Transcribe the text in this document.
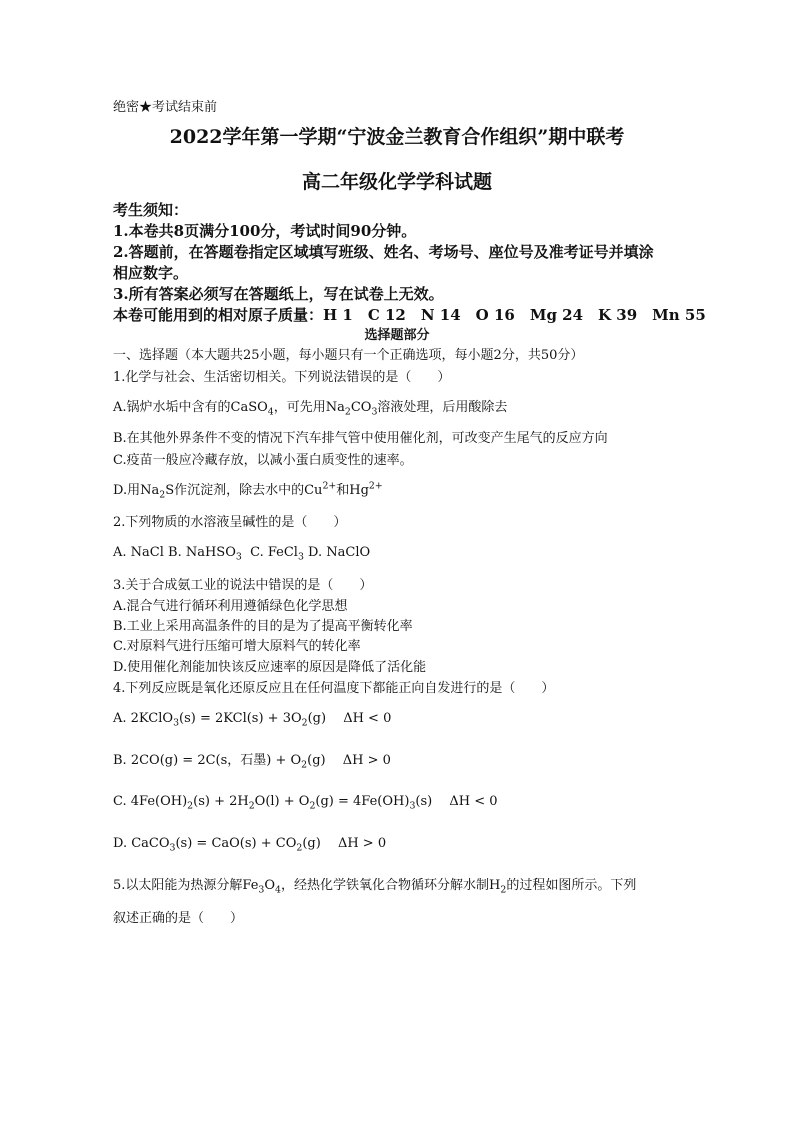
绝密★考试结束前
2022学年第一学期“宁波金兰教育合作组织”期中联考
高二年级化学学科试题
考生须知：
1.本卷共8页满分100分，考试时间90分钟。
2.答题前，在答题卷指定区域填写班级、姓名、考场号、座位号及准考证号并填涂
相应数字。
3.所有答案必须写在答题纸上，写在试卷上无效。
本卷可能用到的相对原子质量：H 1　C 12　N 14　O 16　Mg 24　K 39　Mn 55
选择题部分
一、选择题（本大题共25小题，每小题只有一个正确选项，每小题2分，共50分）
1.化学与社会、生活密切相关。下列说法错误的是（　　）
A.锅炉水垢中含有的CaSO$_4$，可先用$Na_2CO_3$溶液处理，后用酸除去
B.在其他外界条件不变的情况下汽车排气管中使用催化剂，可改变产生尾气的反应方向
C.疫苗一般应冷藏存放，以减小蛋白质变性的速率。
D.用$Na_2S$作沉淀剂，除去水中的$Cu^{2+}$和$Hg^{2+}$
2.下列物质的水溶液呈碱性的是（　　）
A. NaCl B. NaHSO$_3$ C. FeCl$_3$ D. NaClO
3.关于合成氨工业的说法中错误的是（　　）
A.混合气进行循环利用遵循绿色化学思想
B.工业上采用高温条件的目的是为了提高平衡转化率
C.对原料气进行压缩可增大原料气的转化率
D.使用催化剂能加快该反应速率的原因是降低了活化能
4.下列反应既是氧化还原反应且在任何温度下都能正向自发进行的是（　　）
A. 2KClO$_3$(s) = $2KCl(s) + 3O_2(g)$　 ΔH < 0
B. 2CO(g) = 2C(s，石墨) + $O_2(g)$　 ΔH > 0
C. $4Fe(OH)_2(s) + 2H_2O(l) + O_2(g) = 4Fe(OH)_3(s)$　 ΔH < 0
D. CaCO$_3$(s) = $CaO(s) + CO_2(g)$　 ΔH > 0
5.以太阳能为热源分解$Fe_3O_4$，经热化学铁氧化合物循环分解水制$H_2$的过程如图所示。下列
叙述正确的是（　　）
